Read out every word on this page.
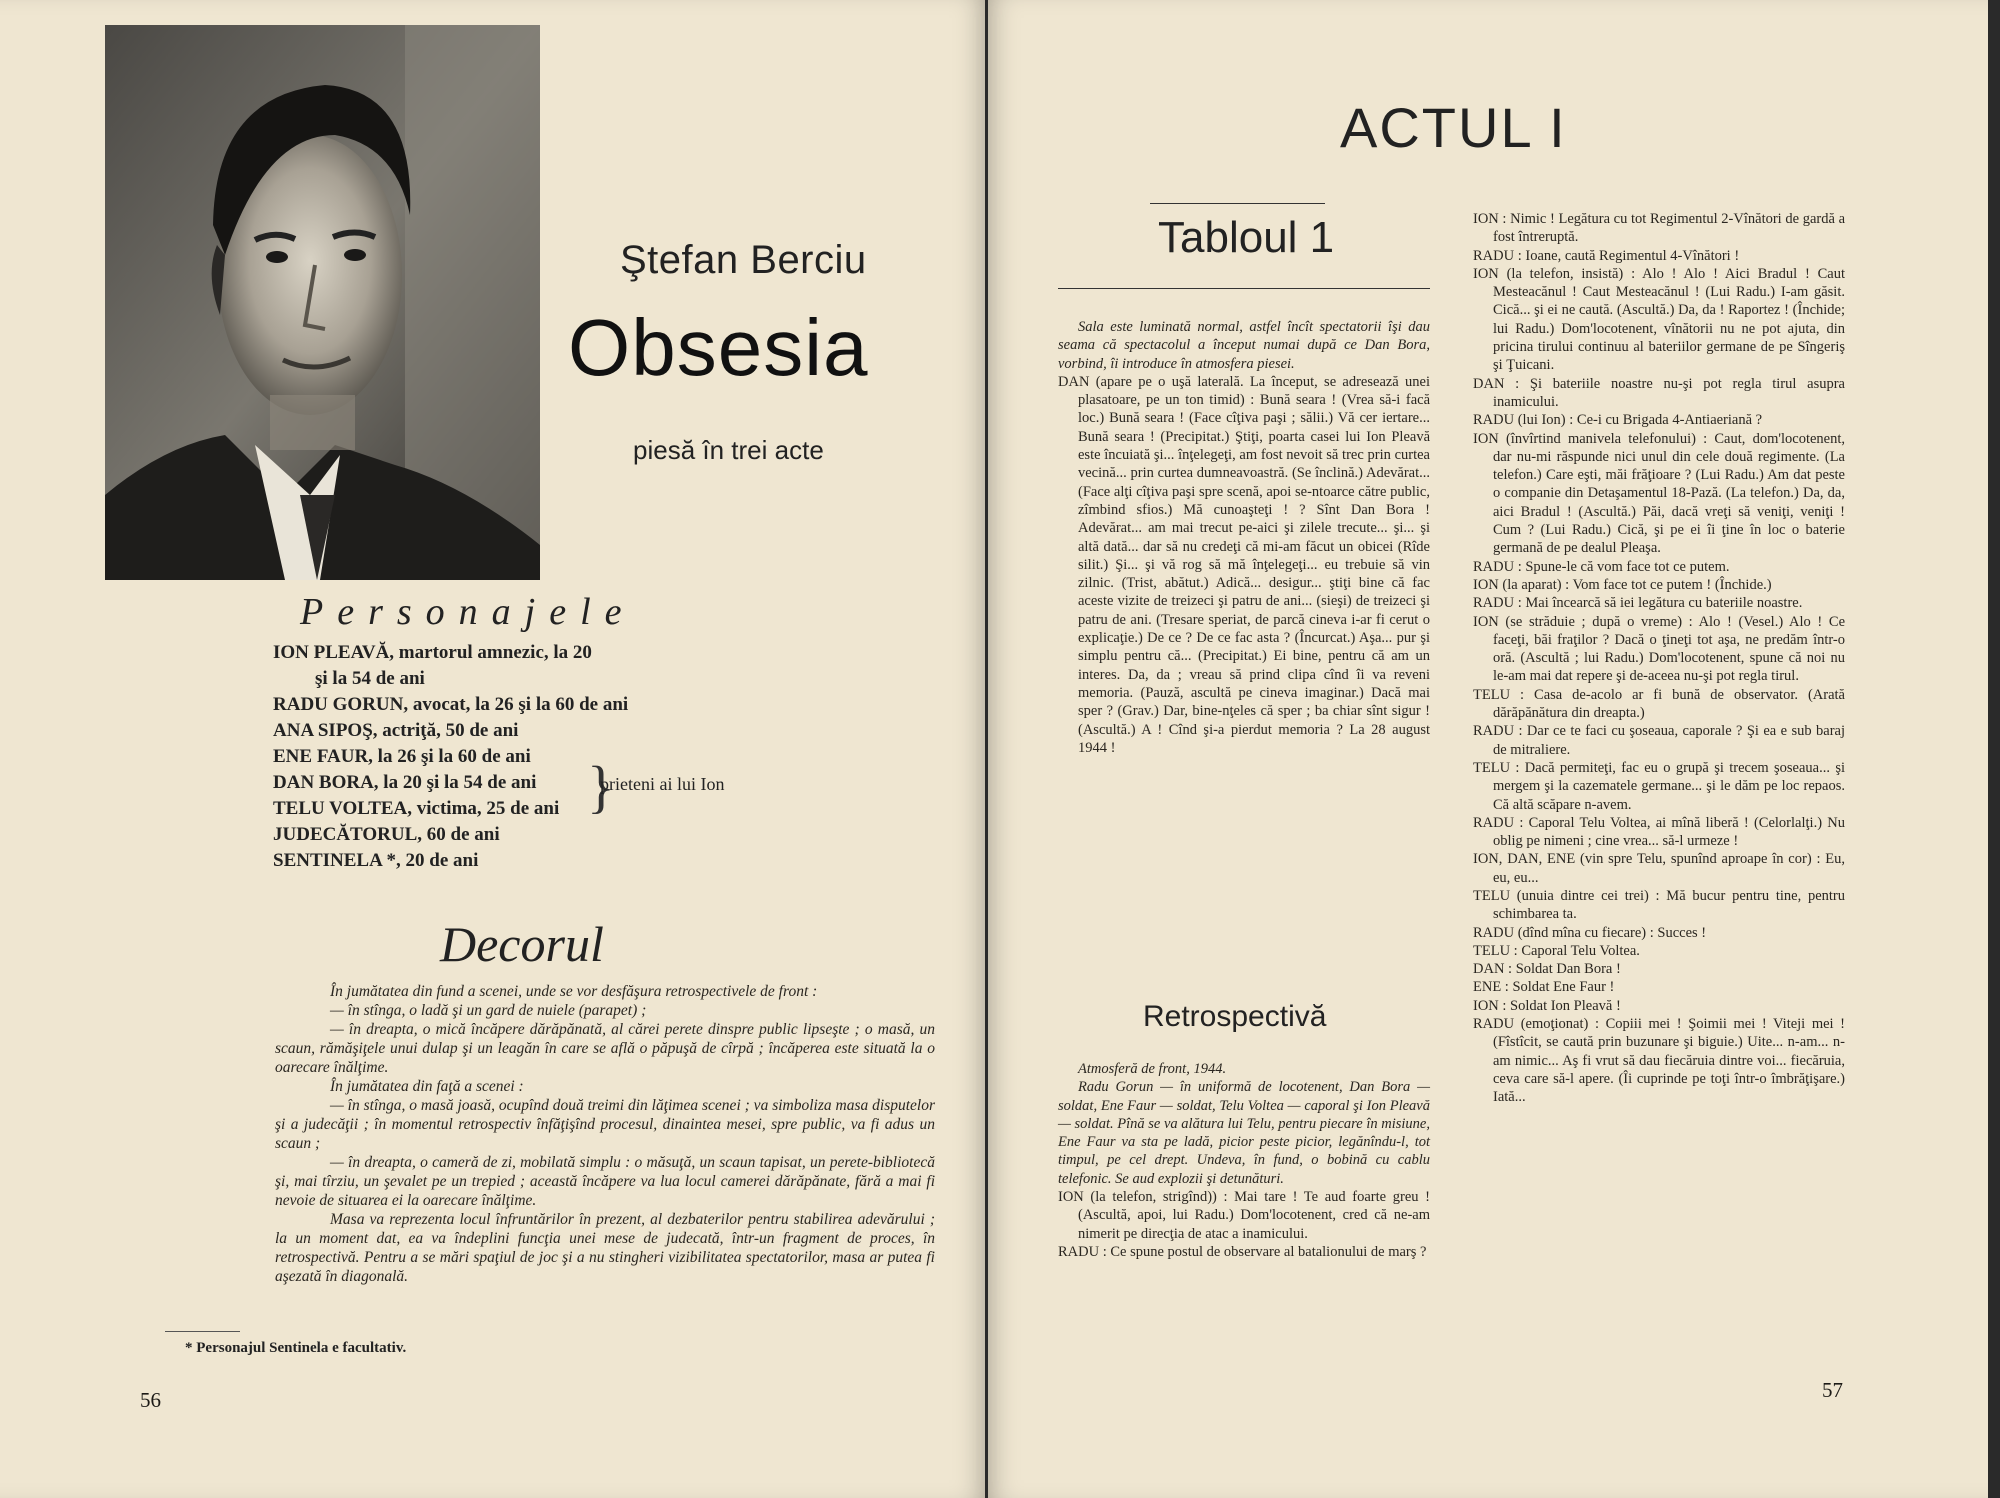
Ştefan Berciu
Obsesia
piesă în trei acte
Personajele
ION PLEAVĂ, martorul amnezic, la 20
şi la 54 de ani
RADU GORUN, avocat, la 26 şi la 60 de ani
ANA SIPOŞ, actriţă, 50 de ani
ENE FAUR, la 26 şi la 60 de ani
DAN BORA, la 20 şi la 54 de ani
TELU VOLTEA, victima, 25 de ani
JUDECĂTORUL, 60 de ani
SENTINELA *, 20 de ani
}
prieteni ai lui Ion
Decorul

În jumătatea din fund a scenei, unde se vor desfăşura retrospectivele de front :

— în stînga, o ladă şi un gard de nuiele (parapet) ;

— în dreapta, o mică încăpere dărăpănată, al cărei perete dinspre public lipseşte ; o masă, un scaun, rămăşiţele unui dulap şi un leagăn în care se află o păpuşă de cîrpă ; încăperea este situată la o oarecare înălţime.

În jumătatea din faţă a scenei :

— în stînga, o masă joasă, ocupînd două treimi din lăţimea scenei ; va simboliza masa disputelor şi a judecăţii ; în momentul retrospectiv înfăţişînd procesul, dinaintea mesei, spre public, va fi adus un scaun ;

— în dreapta, o cameră de zi, mobilată simplu : o măsuţă, un scaun tapisat, un perete-bibliotecă şi, mai tîrziu, un şevalet pe un trepied ; această încăpere va lua locul camerei dărăpănate, fără a mai fi nevoie de situarea ei la oarecare înălţime.

Masa va reprezenta locul înfruntărilor în prezent, al dezbaterilor pentru stabilirea adevărului ; la un moment dat, ea va îndeplini funcţia unei mese de judecată, într-un fragment de proces, în retrospectivă. Pentru a se mări spaţiul de joc şi a nu stingheri vizibilitatea spectatorilor, masa ar putea fi aşezată în diagonală.

* Personajul Sentinela e facultativ.
56
ACTUL I
Tabloul 1

Sala este luminată normal, astfel încît spectatorii îşi dau seama că spectacolul a început numai după ce Dan Bora, vorbind, îi introduce în atmosfera piesei.

DAN (apare pe o uşă laterală. La început, se adresează unei plasatoare, pe un ton timid) : Bună seara ! (Vrea să-i facă loc.) Bună seara ! (Face cîţiva paşi ; sălii.) Vă cer iertare... Bună seara ! (Precipitat.) Ştiţi, poarta casei lui Ion Pleavă este încuiată şi... înţelegeţi, am fost nevoit să trec prin curtea vecină... prin curtea dumneavoastră. (Se înclină.) Adevărat... (Face alţi cîţiva paşi spre scenă, apoi se-ntoarce către public, zîmbind sfios.) Mă cunoaşteţi ! ? Sînt Dan Bora ! Adevărat... am mai trecut pe-aici şi zilele trecute... şi... şi altă dată... dar să nu credeţi că mi-am făcut un obicei (Rîde silit.) Şi... şi vă rog să mă înţelegeţi... eu trebuie să vin zilnic. (Trist, abătut.) Adică... desigur... ştiţi bine că fac aceste vizite de treizeci şi patru de ani... (sieşi) de treizeci şi patru de ani. (Tresare speriat, de parcă cineva i-ar fi cerut o explicaţie.) De ce ? De ce fac asta ? (Încurcat.) Aşa... pur şi simplu pentru că... (Precipitat.) Ei bine, pentru că am un interes. Da, da ; vreau să prind clipa cînd îi va reveni memoria. (Pauză, ascultă pe cineva imaginar.) Dacă mai sper ? (Grav.) Dar, bine-nţeles că sper ; ba chiar sînt sigur ! (Ascultă.) A ! Cînd şi-a pierdut memoria ? La 28 august 1944 !

Retrospectivă

Atmosferă de front, 1944.

Radu Gorun — în uniformă de locotenent, Dan Bora — soldat, Ene Faur — soldat, Telu Voltea — caporal şi Ion Pleavă — soldat. Pînă se va alătura lui Telu, pentru piecare în misiune, Ene Faur va sta pe ladă, picior peste picior, legănîndu-l, tot timpul, pe cel drept. Undeva, în fund, o bobină cu cablu telefonic. Se aud explozii şi detunături.

ION (la telefon, strigînd)) : Mai tare ! Te aud foarte greu ! (Ascultă, apoi, lui Radu.) Dom'locotenent, cred că ne-am nimerit pe direcţia de atac a inamicului.

RADU : Ce spune postul de observare al batalionului de marş ?

ION : Nimic ! Legătura cu tot Regimentul 2-Vînători de gardă a fost întreruptă.

RADU : Ioane, caută Regimentul 4-Vînători !

ION (la telefon, insistă) : Alo ! Alo ! Aici Bradul ! Caut Mesteacănul ! Caut Mesteacănul ! (Lui Radu.) I-am găsit. Cică... şi ei ne caută. (Ascultă.) Da, da ! Raportez ! (Închide; lui Radu.) Dom'locotenent, vînătorii nu ne pot ajuta, din pricina tirului continuu al bateriilor germane de pe Sîngeriş şi Ţuicani.

DAN : Şi bateriile noastre nu-şi pot regla tirul asupra inamicului.

RADU (lui Ion) : Ce-i cu Brigada 4-Antiaeriană ?

ION (învîrtind manivela telefonului) : Caut, dom'locotenent, dar nu-mi răspunde nici unul din cele două regimente. (La telefon.) Care eşti, măi frăţioare ? (Lui Radu.) Am dat peste o companie din Detaşamentul 18-Pază. (La telefon.) Da, da, aici Bradul ! (Ascultă.) Păi, dacă vreţi să veniţi, veniţi ! Cum ? (Lui Radu.) Cică, şi pe ei îi ţine în loc o baterie germană de pe dealul Pleaşa.

RADU : Spune-le că vom face tot ce putem.

ION (la aparat) : Vom face tot ce putem ! (Închide.)

RADU : Mai încearcă să iei legătura cu bateriile noastre.

ION (se străduie ; după o vreme) : Alo ! (Vesel.) Alo ! Ce faceţi, băi fraţilor ? Dacă o ţineţi tot aşa, ne predăm într-o oră. (Ascultă ; lui Radu.) Dom'locotenent, spune că noi nu le-am mai dat repere şi de-aceea nu-şi pot regla tirul.

TELU : Casa de-acolo ar fi bună de observator. (Arată dărăpănătura din dreapta.)

RADU : Dar ce te faci cu şoseaua, caporale ? Şi ea e sub baraj de mitraliere.

TELU : Dacă permiteţi, fac eu o grupă şi trecem şoseaua... şi mergem şi la cazematele germane... şi le dăm pe loc repaos. Că altă scăpare n-avem.

RADU : Caporal Telu Voltea, ai mînă liberă ! (Celorlalţi.) Nu oblig pe nimeni ; cine vrea... să-l urmeze !

ION, DAN, ENE (vin spre Telu, spunînd aproape în cor) : Eu, eu, eu...

TELU (unuia dintre cei trei) : Mă bucur pentru tine, pentru schimbarea ta.

RADU (dînd mîna cu fiecare) : Succes !

TELU : Caporal Telu Voltea.

DAN : Soldat Dan Bora !

ENE : Soldat Ene Faur !

ION : Soldat Ion Pleavă !

RADU (emoţionat) : Copiii mei ! Şoimii mei ! Viteji mei ! (Fîstîcit, se caută prin buzunare şi biguie.) Uite... n-am... n-am nimic... Aş fi vrut să dau fiecăruia dintre voi... fiecăruia, ceva care să-l apere. (Îi cuprinde pe toţi într-o îmbrăţişare.) Iată...

57
